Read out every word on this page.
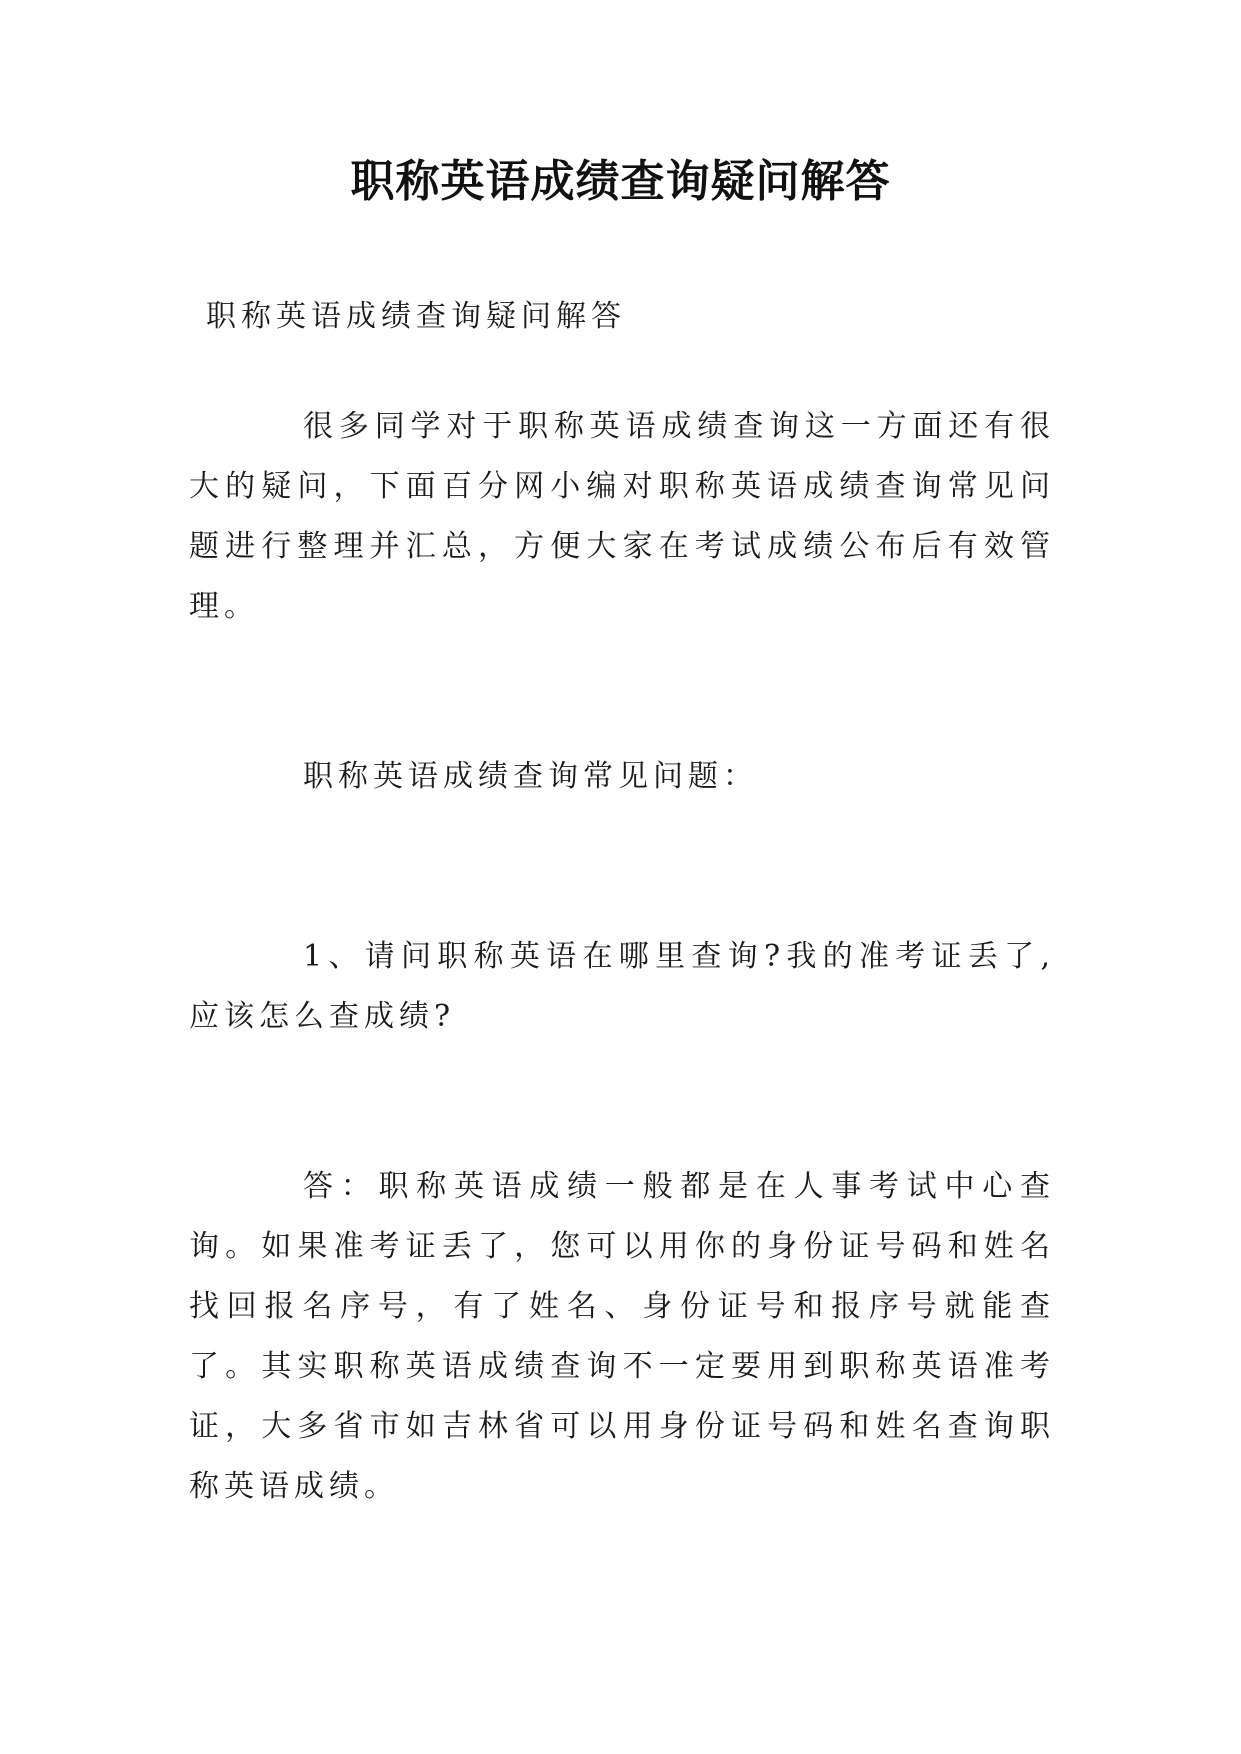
职称英语成绩查询疑问解答
职称英语成绩查询疑问解答
很多同学对于职称英语成绩查询这一方面还有很大的疑问，下面百分网小编对职称英语成绩查询常见问题进行整理并汇总，方便大家在考试成绩公布后有效管理。
职称英语成绩查询常见问题：
1、请问职称英语在哪里查询?我的准考证丢了,应该怎么查成绩?
答：职称英语成绩一般都是在人事考试中心查询。如果准考证丢了，您可以用你的身份证号码和姓名找回报名序号，有了姓名、身份证号和报序号就能查了。其实职称英语成绩查询不一定要用到职称英语准考证，大多省市如吉林省可以用身份证号码和姓名查询职称英语成绩。
